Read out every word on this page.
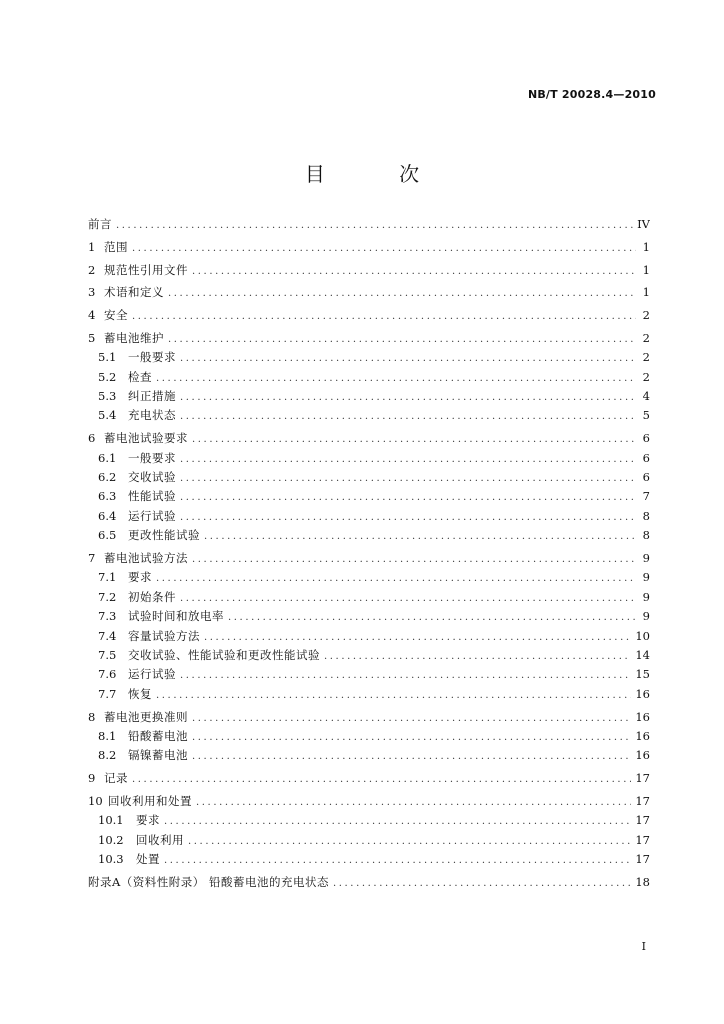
NB/T 20028.4—2010
目 次
前言 .....	IV
1 范围 .....	1
2 规范性引用文件 .....	1
3 术语和定义 .....	1
4 安全 .....	2
5 蓄电池维护 .....	2
5.1	一般要求 .....	2
5.2	检查 .....	2
5.3	纠正措施 .....	4
5.4	充电状态 .....	5
6 蓄电池试验要求 .....	6
6.1	一般要求 .....	6
6.2	交收试验 .....	6
6.3	性能试验 .....	7
6.4	运行试验 .....	8
6.5	更改性能试验 .....	8
7 蓄电池试验方法 .....	9
7.1	要求 .....	9
7.2	初始条件 .....	9
7.3	试验时间和放电率 .....	9
7.4	容量试验方法 .....	10
7.5	交收试验、性能试验和更改性能试验 .....	14
7.6	运行试验 .....	15
7.7	恢复 .....	16
8 蓄电池更换准则 .....	16
8.1	铅酸蓄电池 .....	16
8.2	镉镍蓄电池 .....	16
9 记录 .....	17
10 回收利用和处置 .....	17
10.1	要求 .....	17
10.2	回收利用 .....	17
10.3	处置 .....	17
附录A（资料性附录） 铅酸蓄电池的充电状态 .....	18
I
